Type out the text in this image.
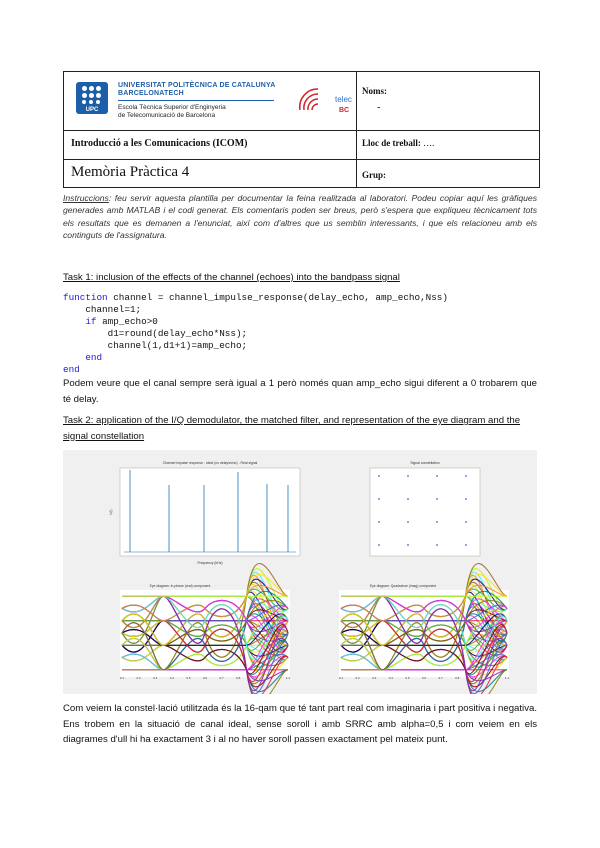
UPC
UNIVERSITAT POLITÈCNICA DE CATALUNYA
BARCELONATECH
Escola Tècnica Superior d'Enginyeria
de Telecomunicació de Barcelona
telec
BC
Introducció a les Comunicacions (ICOM)
Memòria Pràctica 4
Noms:
-
Lloc de treball: ….
Grup:
Instruccions: feu servir aquesta plantilla per documentar la feina realitzada al laboratori. Podeu copiar aquí les gràfiques generades amb MATLAB i el codi generat. Els comentaris poden ser breus, però s'espera que expliqueu tècnicament tots els resultats que es demanen a l'enunciat, així com d'altres que us semblin interessants, i que els relacioneu amb els continguts de l'assignatura.
Task 1: inclusion of the effects of the channel (echoes) into the bandpass signal
function channel = channel_impulse_response(delay_echo, amp_echo,Nss)
channel=1;
if amp_echo>0
d1=round(delay_echo*Nss);
channel(1,d1+1)=amp_echo;
end
end
Podem veure que el canal sempre serà igual a 1 però només quan amp_echo sigui diferent a 0 trobarem que té delay.
Task 2: application of the I/Q demodulator, the matched filter, and representation of the eye diagram and the signal constellation
Channel impulse response - Ideal (no delay/echo) - Real signal
Frequency (kHz)
h(t)
Signal constellation
Eye diagram: In-phase (real) component
0.1	0.2	0.3	0.4	0.5	0.6	0.7	0.8	0.9	1	1.1
Eye diagram: Quadrature (imag) component
0.1	0.2	0.3	0.4	0.5	0.6	0.7	0.8	0.9	1	1.1
Com veiem la constel·lació utilitzada és la 16-qam que té tant part real com imaginaria i part positiva i negativa. Ens trobem en la situació de canal ideal, sense soroll i amb SRRC amb alpha=0,5 i com veiem en els diagrames d'ull hi ha exactament 3 i al no haver soroll passen exactament pel mateix punt.
